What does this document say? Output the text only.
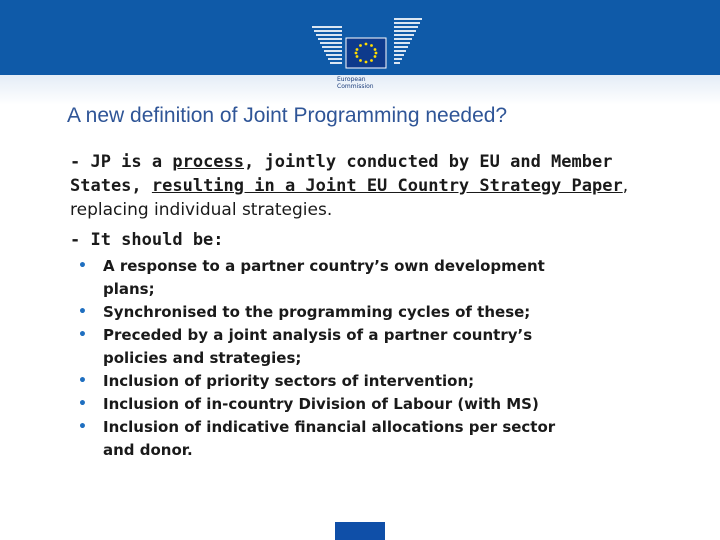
European
Commission
A new definition of Joint Programming needed?
- JP is a process, jointly conducted by EU and Member States, resulting in a Joint EU Country Strategy Paper, replacing individual strategies.
- It should be:
• A response to a partner country’s own development
plans;
• Synchronised to the programming cycles of these;
• Preceded by a joint analysis of a partner country’s
policies and strategies;
• Inclusion of priority sectors of intervention;
• Inclusion of in-country Division of Labour (with MS)
• Inclusion of indicative financial allocations per sector
and donor.
